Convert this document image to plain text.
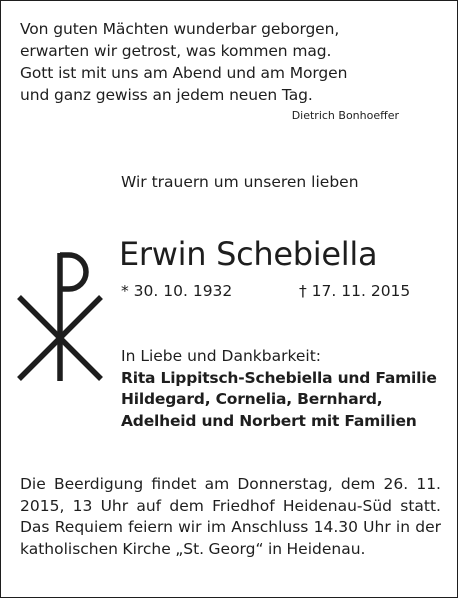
Von guten Mächten wunderbar geborgen,
erwarten wir getrost, was kommen mag.
Gott ist mit uns am Abend und am Morgen
und ganz gewiss an jedem neuen Tag.
Dietrich Bonhoeffer
Wir trauern um unseren lieben
Erwin Schebiella
* 30. 10. 1932	† 17. 11. 2015
In Liebe und Dankbarkeit:
Rita Lippitsch-Schebiella und Familie
Hildegard, Cornelia, Bernhard,
Adelheid und Norbert mit Familien
Die Beerdigung findet am Donnerstag, dem 26. 11. 2015, 13 Uhr auf dem Friedhof Heidenau-Süd statt. Das Requiem feiern wir im Anschluss 14.30 Uhr in der katholischen Kirche „St. Georg“ in Heidenau.
